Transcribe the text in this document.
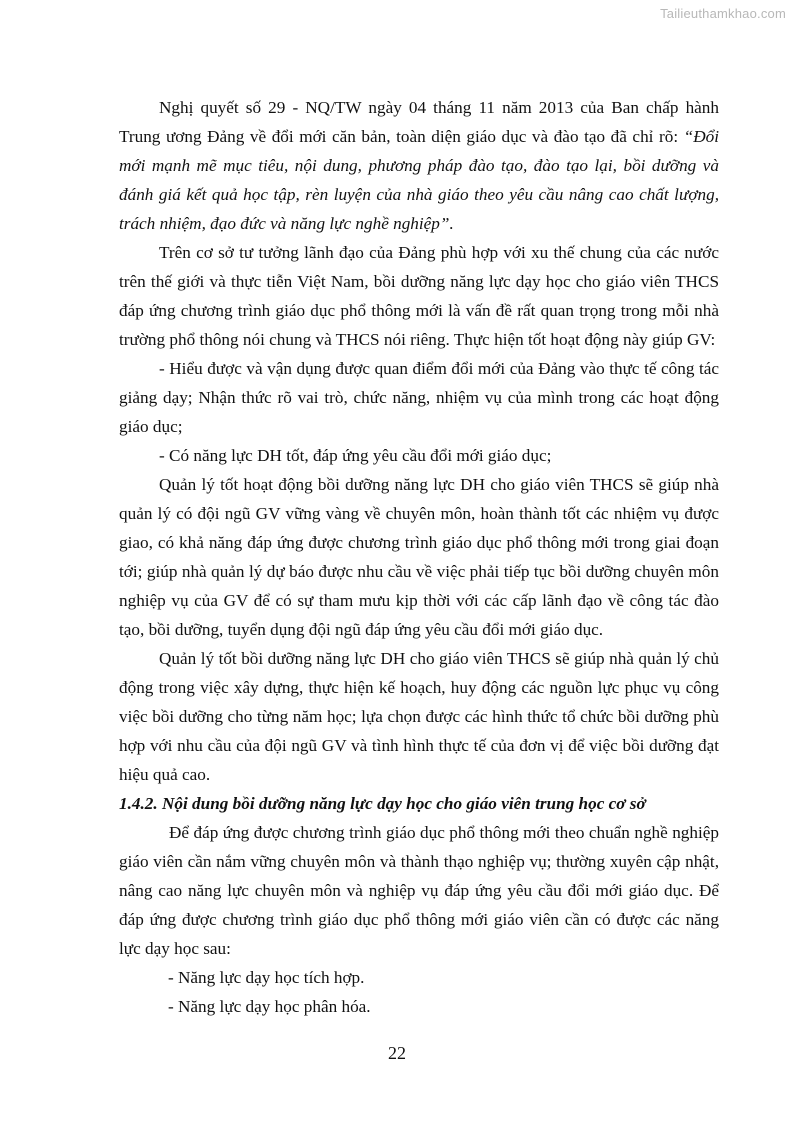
Tailieuthamkhao.com

Nghị quyết số 29 - NQ/TW ngày 04 tháng 11 năm 2013 của Ban chấp hành Trung ương Đảng về đổi mới căn bản, toàn diện giáo dục và đào tạo đã chỉ rõ: “Đổi mới mạnh mẽ mục tiêu, nội dung, phương pháp đào tạo, đào tạo lại, bồi dưỡng và đánh giá kết quả học tập, rèn luyện của nhà giáo theo yêu cầu nâng cao chất lượng, trách nhiệm, đạo đức và năng lực nghề nghiệp”.

Trên cơ sở tư tưởng lãnh đạo của Đảng phù hợp với xu thế chung của các nước trên thế giới và thực tiễn Việt Nam, bồi dưỡng năng lực dạy học cho giáo viên THCS đáp ứng chương trình giáo dục phổ thông mới là vấn đề rất quan trọng trong mỗi nhà trường phổ thông nói chung và THCS nói riêng. Thực hiện tốt hoạt động này giúp GV:

- Hiểu được và vận dụng được quan điểm đổi mới của Đảng vào thực tế công tác giảng dạy; Nhận thức rõ vai trò, chức năng, nhiệm vụ của mình trong các hoạt động giáo dục;

- Có năng lực DH tốt, đáp ứng yêu cầu đổi mới giáo dục;

Quản lý tốt hoạt động bồi dưỡng năng lực DH cho giáo viên THCS sẽ giúp nhà quản lý có đội ngũ GV vững vàng về chuyên môn, hoàn thành tốt các nhiệm vụ được giao, có khả năng đáp ứng được chương trình giáo dục phổ thông mới trong giai đoạn tới; giúp nhà quản lý dự báo được nhu cầu về việc phải tiếp tục bồi dưỡng chuyên môn nghiệp vụ của GV để có sự tham mưu kịp thời với các cấp lãnh đạo về công tác đào tạo, bồi dưỡng, tuyển dụng đội ngũ đáp ứng yêu cầu đổi mới giáo dục.

Quản lý tốt bồi dưỡng năng lực DH cho giáo viên THCS sẽ giúp nhà quản lý chủ động trong việc xây dựng, thực hiện kế hoạch, huy động các nguồn lực phục vụ công việc bồi dưỡng cho từng năm học; lựa chọn được các hình thức tổ chức bồi dưỡng phù hợp với nhu cầu của đội ngũ GV và tình hình thực tế của đơn vị để việc bồi dưỡng đạt hiệu quả cao.

1.4.2. Nội dung bồi dưỡng năng lực dạy học cho giáo viên trung học cơ sở

Để đáp ứng được chương trình giáo dục phổ thông mới theo chuẩn nghề nghiệp giáo viên cần nắm vững chuyên môn và thành thạo nghiệp vụ; thường xuyên cập nhật, nâng cao năng lực chuyên môn và nghiệp vụ đáp ứng yêu cầu đổi mới giáo dục. Để đáp ứng được chương trình giáo dục phổ thông mới giáo viên cần có được các năng lực dạy học sau:

- Năng lực dạy học tích hợp.

- Năng lực dạy học phân hóa.

22
